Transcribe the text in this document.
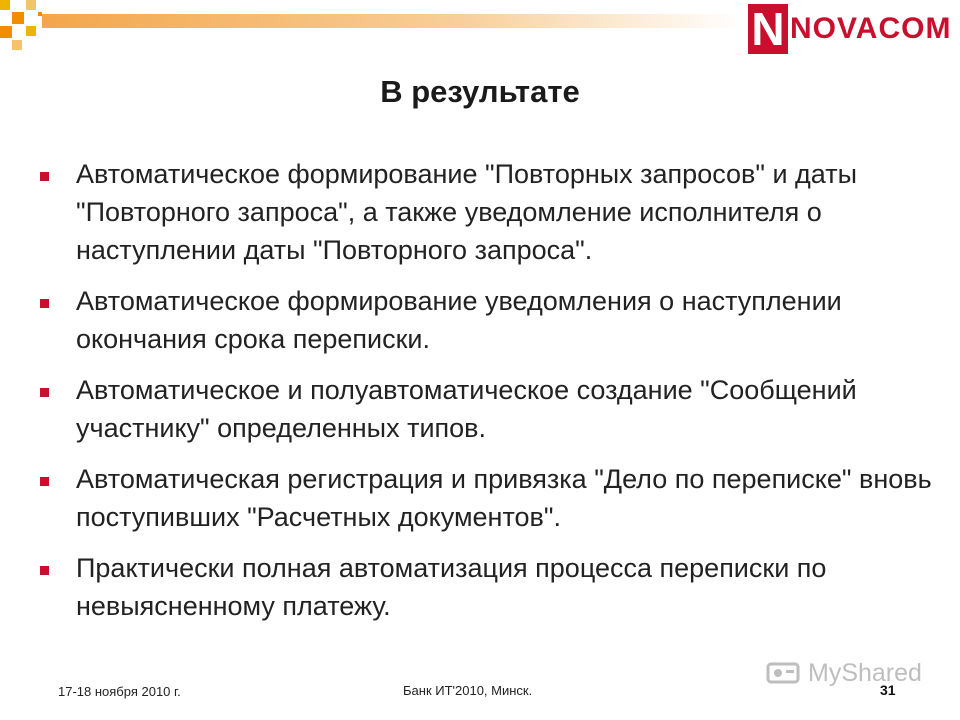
N NOVACOM
В результате
Автоматическое формирование "Повторных запросов" и даты "Повторного запроса", а также уведомление исполнителя о наступлении даты "Повторного запроса".
Автоматическое формирование уведомления о наступлении окончания срока переписки.
Автоматическое и полуавтоматическое создание "Сообщений участнику" определенных типов.
Автоматическая регистрация и привязка "Дело по переписке" вновь поступивших "Расчетных документов".
Практически полная автоматизация процесса переписки по невыясненному платежу.
MyShared
17-18 ноября 2010 г.	Банк ИТ'2010, Минск.	31
